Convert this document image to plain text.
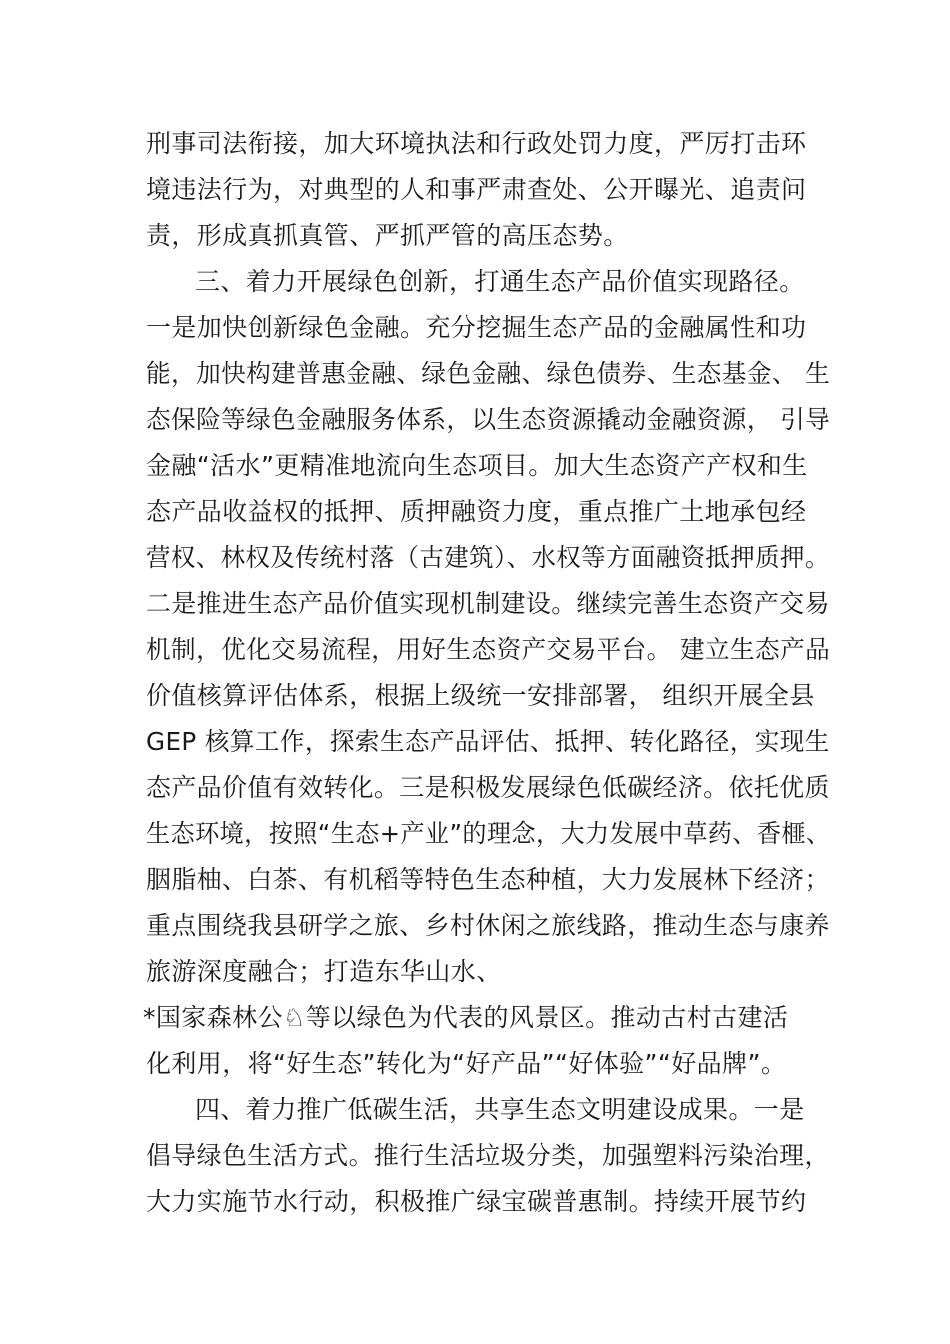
刑事司法衔接，加大环境执法和行政处罚力度，严厉打击环
境违法行为，对典型的人和事严肃查处、公开曝光、追责问
责，形成真抓真管、严抓严管的高压态势。
三、着力开展绿色创新，打通生态产品价值实现路径。
一是加快创新绿色金融。充分挖掘生态产品的金融属性和功
能，加快构建普惠金融、绿色金融、绿色债券、生态基金、 生
态保险等绿色金融服务体系，以生态资源撬动金融资源， 引导
金融“活水”更精准地流向生态项目。加大生态资产产权和生
态产品收益权的抵押、质押融资力度，重点推广土地承包经
营权、林权及传统村落（古建筑）、水权等方面融资抵押质押。
二是推进生态产品价值实现机制建设。继续完善生态资产交易
机制，优化交易流程，用好生态资产交易平台。 建立生态产品
价值核算评估体系，根据上级统一安排部署， 组织开展全县
GEP 核算工作，探索生态产品评估、抵押、转化路径，实现生
态产品价值有效转化。三是积极发展绿色低碳经济。依托优质
生态环境，按照“生态+产业”的理念，大力发展中草药、香榧、
胭脂柚、白茶、有机稻等特色生态种植，大力发展林下经济；
重点围绕我县研学之旅、乡村休闲之旅线路，推动生态与康养
旅游深度融合；打造东华山水、
*国家森林公♘等以绿色为代表的风景区。推动古村古建活
化利用，将“好生态”转化为“好产品”“好体验”“好品牌”。
四、着力推广低碳生活，共享生态文明建设成果。一是
倡导绿色生活方式。推行生活垃圾分类，加强塑料污染治理，
大力实施节水行动，积极推广绿宝碳普惠制。持续开展节约
